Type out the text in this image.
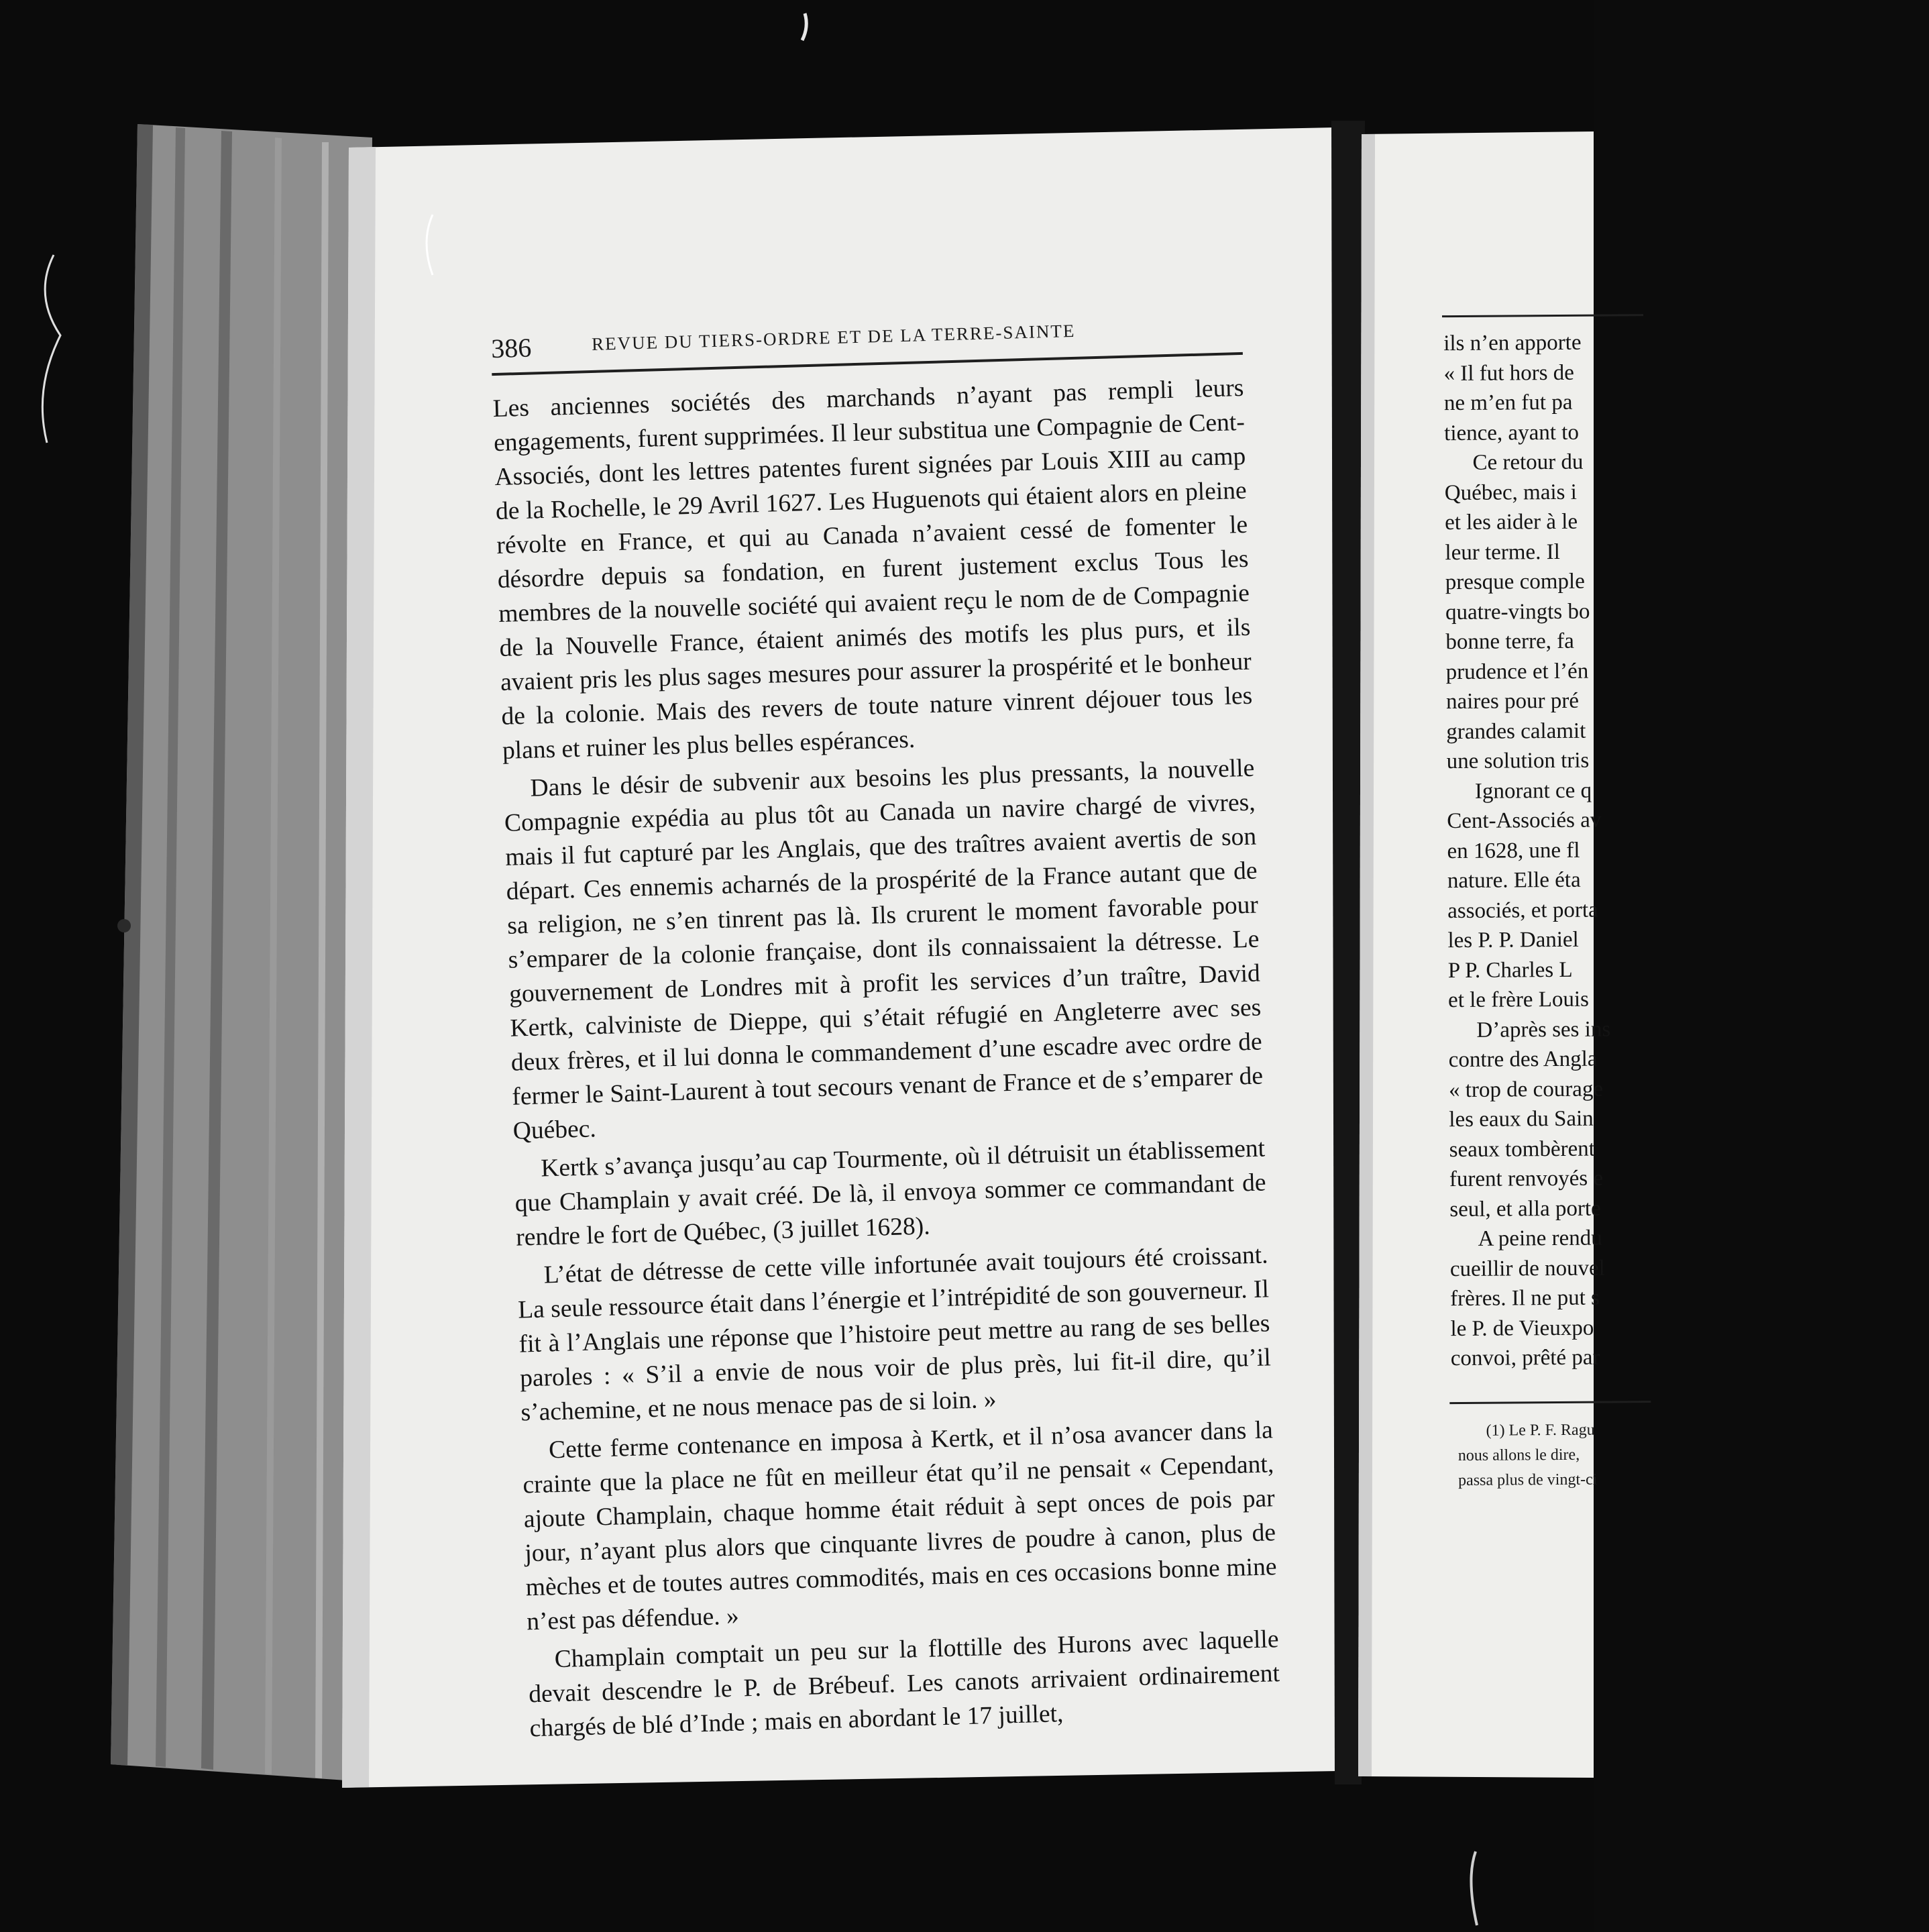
386	REVUE DU TIERS-ORDRE ET DE LA TERRE-SAINTE

Les anciennes sociétés des marchands n’ayant pas rempli leurs engagements, furent supprimées. Il leur substitua une Compagnie de Cent-Associés, dont les lettres patentes furent signées par Louis XIII au camp de la Rochelle, le 29 Avril 1627. Les Huguenots qui étaient alors en pleine révolte en France, et qui au Canada n’avaient cessé de fomenter le désordre depuis sa fondation, en furent justement exclus Tous les membres de la nouvelle société qui avaient reçu le nom de de Compagnie de la Nouvelle France, étaient animés des motifs les plus purs, et ils avaient pris les plus sages mesures pour assurer la prospérité et le bonheur de la colonie. Mais des revers de toute nature vinrent déjouer tous les plans et ruiner les plus belles espérances.

Dans le désir de subvenir aux besoins les plus pressants, la nouvelle Compagnie expédia au plus tôt au Canada un navire chargé de vivres, mais il fut capturé par les Anglais, que des traîtres avaient avertis de son départ. Ces ennemis acharnés de la prospérité de la France autant que de sa religion, ne s’en tinrent pas là. Ils crurent le moment favorable pour s’emparer de la colonie française, dont ils connaissaient la détresse. Le gouvernement de Londres mit à profit les services d’un traître, David Kertk, calviniste de Dieppe, qui s’était réfugié en Angleterre avec ses deux frères, et il lui donna le commandement d’une escadre avec ordre de fermer le Saint-Laurent à tout secours venant de France et de s’emparer de Québec.

Kertk s’avança jusqu’au cap Tourmente, où il détruisit un établissement que Champlain y avait créé. De là, il envoya sommer ce commandant de rendre le fort de Québec, (3 juillet 1628).

L’état de détresse de cette ville infortunée avait toujours été croissant. La seule ressource était dans l’énergie et l’intrépidité de son gouverneur. Il fit à l’Anglais une réponse que l’histoire peut mettre au rang de ses belles paroles : « S’il a envie de nous voir de plus près, lui fit-il dire, qu’il s’achemine, et ne nous menace pas de si loin. »

Cette ferme contenance en imposa à Kertk, et il n’osa avancer dans la crainte que la place ne fût en meilleur état qu’il ne pensait « Cependant, ajoute Champlain, chaque homme était réduit à sept onces de pois par jour, n’ayant plus alors que cinquante livres de poudre à canon, plus de mèches et de toutes autres commodités, mais en ces occasions bonne mine n’est pas défendue. »

Champlain comptait un peu sur la flottille des Hurons avec laquelle devait descendre le P. de Brébeuf. Les canots arrivaient ordinairement chargés de blé d’Inde ; mais en abordant le 17 juillet,

ils n’en apporte
« Il fut hors de
ne m’en fut pa
tience, ayant to
Ce retour du
Québec, mais i
et les aider à le
leur terme. Il
presque comple
quatre-vingts bo
bonne terre, fa
prudence et l’én
naires pour pré
grandes calamit
une solution tris
Ignorant ce q
Cent-Associés av
en 1628, une fl
nature. Elle éta
associés, et porta
les P. P. Daniel
P P. Charles L
et le frère Louis
D’après ses ins
contre des Angla
« trop de courage
les eaux du Sain
seaux tombèrent
furent renvoyés e
seul, et alla porte
A peine rendu
cueillir de nouvel
frères. Il ne put s
le P. de Vieuxpo
convoi, prêté par
(1) Le P. F. Ragu
nous allons le dire,
passa plus de vingt-ci
